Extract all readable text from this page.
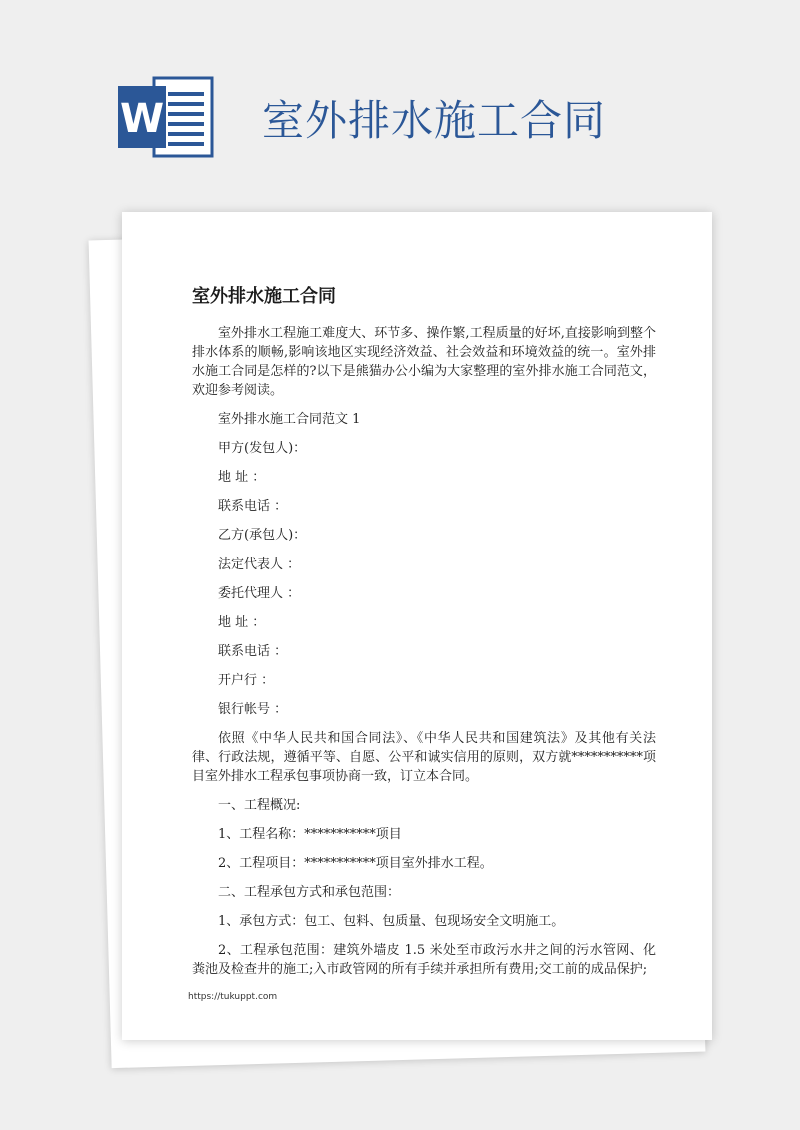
W 室外排水施工合同
室外排水施工合同

室外排水工程施工难度大、环节多、操作繁,工程质量的好坏,直接影响到整个排水体系的顺畅,影响该地区实现经济效益、社会效益和环境效益的统一。室外排水施工合同是怎样的?以下是熊猫办公小编为大家整理的室外排水施工合同范文，欢迎参考阅读。

室外排水施工合同范文 1

甲方(发包人)：

地 址 ：

联系电话 ：

乙方(承包人)：

法定代表人 ：

委托代理人 ：

地 址 ：

联系电话 ：

开户行 ：

银行帐号 ：

依照《中华人民共和国合同法》、《中华人民共和国建筑法》及其他有关法律、行政法规，遵循平等、自愿、公平和诚实信用的原则，双方就***********项目室外排水工程承包事项协商一致，订立本合同。

一、工程概况:

1、工程名称：***********项目

2、工程项目：***********项目室外排水工程。

二、工程承包方式和承包范围：

1、承包方式：包工、包料、包质量、包现场安全文明施工。

2、工程承包范围：建筑外墙皮 1.5 米处至市政污水井之间的污水管网、化粪池及检查井的施工;入市政管网的所有手续并承担所有费用;交工前的成品保护;

https://tukuppt.com
